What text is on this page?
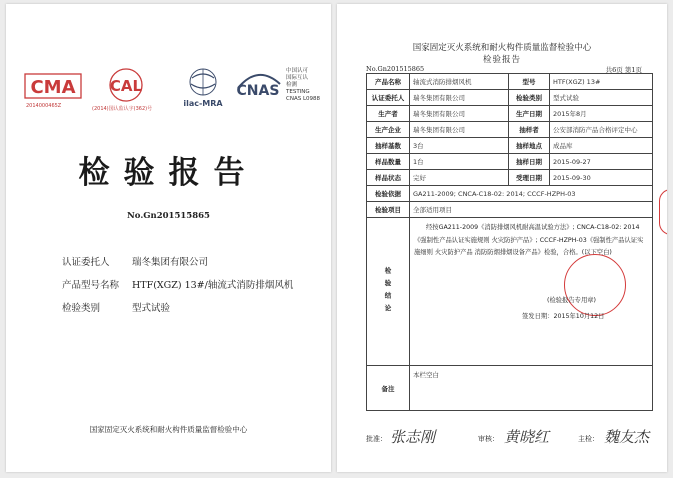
CMA
2014000465Z
CAL
(2014)国认监认字(362)号
ilac-MRA
CNAS
中国认可
国际互认
检测
TESTING
CNAS L0988
检验报告
No.Gn201515865
认证委托人 瑞冬集团有限公司
产品型号名称 HTF(XGZ) 13#/轴流式消防排烟风机
检验类别	型式试验
国家固定灭火系统和耐火构件质量监督检验中心
国家固定灭火系统和耐火构件质量监督检验中心
检验报告
No.Gn201515865	共6页 第1页
产品名称	轴流式消防排烟风机	型号	HTF(XGZ) 13#
认证委托人	瑞冬集团有限公司	检验类别	型式试验
生产者	瑞冬集团有限公司	生产日期	2015年8月
生产企业	瑞冬集团有限公司	抽样者	公安部消防产品合格评定中心
抽样基数	3台	抽样地点	成品库
样品数量	1台	抽样日期	2015-09-27
样品状态	完好	受理日期	2015-09-30
检验依据	GA211-2009; CNCA-C18-02: 2014; CCCF-HZPH-03		
检验项目	全部适用项目		

检验结论	经按GA211-2009《消防排烟风机耐高温试验方法》; CNCA-C18-02: 2014《强制性产品认证实施规则 火灾防护产品》; CCCF-HZPH-03《强制性产品认证实施细则 火灾防护产品 消防防烟排烟设备产品》检验，合格。(以下空白)
(检验报告专用章)
签发日期：2015年10月12日		

备注	本栏空白		
批准： 张志刚	审核： 黄晓红	主检： 魏友杰
